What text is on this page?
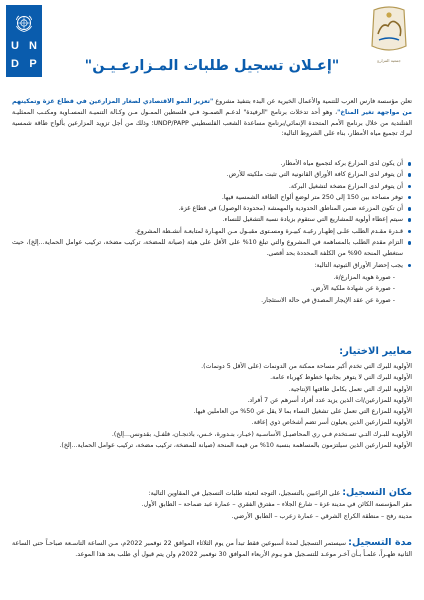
U N
D P	جمعية المزارع
"إعـلان تسجيل طلبات المـزارعـيـن"

تعلن مؤسسة فارس العرب للتنمية والأعمال الخيرية عن البدء بتنفيذ مشروع "تعزيز النمو الاقتصادي لصغار المزارعين في قطاع غزة وتمكينهم من مواجهة تغير المناخ"، وهو أحد تدخلات برنامج "الرفيدة" لدعـم الصمـود فـي فلسطين الممـول مـن وكـالة التنميـة النمسـاوية ومكتـب الممثليـة الفنلندية من خلال برنامج الأمم المتحدة الإنمائي/برنامج مساعدة الشعب الفلسطيني UNDP/PAPP؛ وذلك من أجل تزويد المزارعين بألواح طاقة شمسية لبرك تجميع مياه الأمطار، بناء على الشروط التالية:

أن يكون لدى المزارع بركة لتجميع مياه الأمطار.
أن يتوفر لدى المزارع كافة الأوراق القانونية التي تثبت ملكيته للأرض.
أن يتوفر لدى المزارع مضخة لتشغيل البركة.
توفر مساحة بين 150 إلى 250 متر لوضع ألواح الطاقة الشمسية فيها.
أن تكون المزرعة ضمن المناطق الحدودية والمهمشة (محدودة الوصول) في قطاع غزة.
سيتم إعطاء أولوية للمشاريع التي ستقوم بزيادة نسبة التشغيل للنساء.
قـدرة مقـدم الطلب علـى إظهـار رغبـة كبيـرة ومسـتوى مقبـول مـن المهـارة لمتابعـة أنشـطة المشروع.
التزام مقدم الطلب بالمساهمة في المشروع والتي تبلغ 10% على الأقل على هيئة (صيانة للمضخة، تركيب مضخة، تركيب عوامل الحماية...إلخ)، حيث ستغطي المنحة 90% من الكلفة المحددة بحد أقصى.
يجب إحضار الأوراق الثبوتية التالية:
- صورة هوية المزارع/ة.
- صورة عن شهادة ملكية الأرض.
- صورة عن عقد الإيجار المصدق في حالة الاستئجار.
معايير الاختيار:

الأولوية للبرك التي تخدم أكبر مساحة ممكنة من الدونمات (على الأقل 5 دونمات).

الأولوية للبرك التي لا يتوفر بجانبها خطوط كهرباء عامة.

الأولوية للبرك التي تعمل بكامل طاقتها الإنتاجية.

الأولوية للمزارعين/ات الذين يزيد عدد أفراد أسرهم عن 7 أفراد.

الأولوية للمزارع التي تعمل على تشغيل النساء بما لا يقل عن 50% من العاملين فيها.

الأولوية للمزارعين الذين يعيلون أسر تضم أشخاص ذوي إعاقة.

الأولويـة للبـرك التـي تسـتخدم فـي ري المحاصيـل الأساسـية (خيـار، بنـدورة، خـس، باذنجـان، فلفـل، بقدونس...إلخ).

الأولوية للمزارعين الذين سيلتزمون بالمساهمة بنسبة 10% من قيمة المنحة (صيانة للمضخة، تركيب مضخة، تركيب عوامل الحماية...إلخ).

مكان التسجيل: على الراغبين بالتسجيل، التوجه لتعبئة طلبات التسجيل في المقاوين التالية:

مقر المؤسسة الكائن في مدينة غزة – شارع الجلاء – مفترق الفقري – عمارة عبد ضماحة – الطابق الأول.

مدينة رفح – منطقة الكراج الشرقي – عمارة زعرب – الطابق الأرضي.

مدة التسجيل: سيستمر التسجيل لمدة أسبوعين فقط تبدأ من يوم الثلاثاء الموافق 22 نوفمبر 2022م، مـن الساعة التاسـعة صباحـاً حتى الساعة الثانية ظهـراً، علمـاً بـأن آخـر موعـد للتسـجيل هـو يـوم الأربعاء الموافق 30 نوفمبر 2022م ولن يتم قبول أي طلب بعد هذا الموعد.
